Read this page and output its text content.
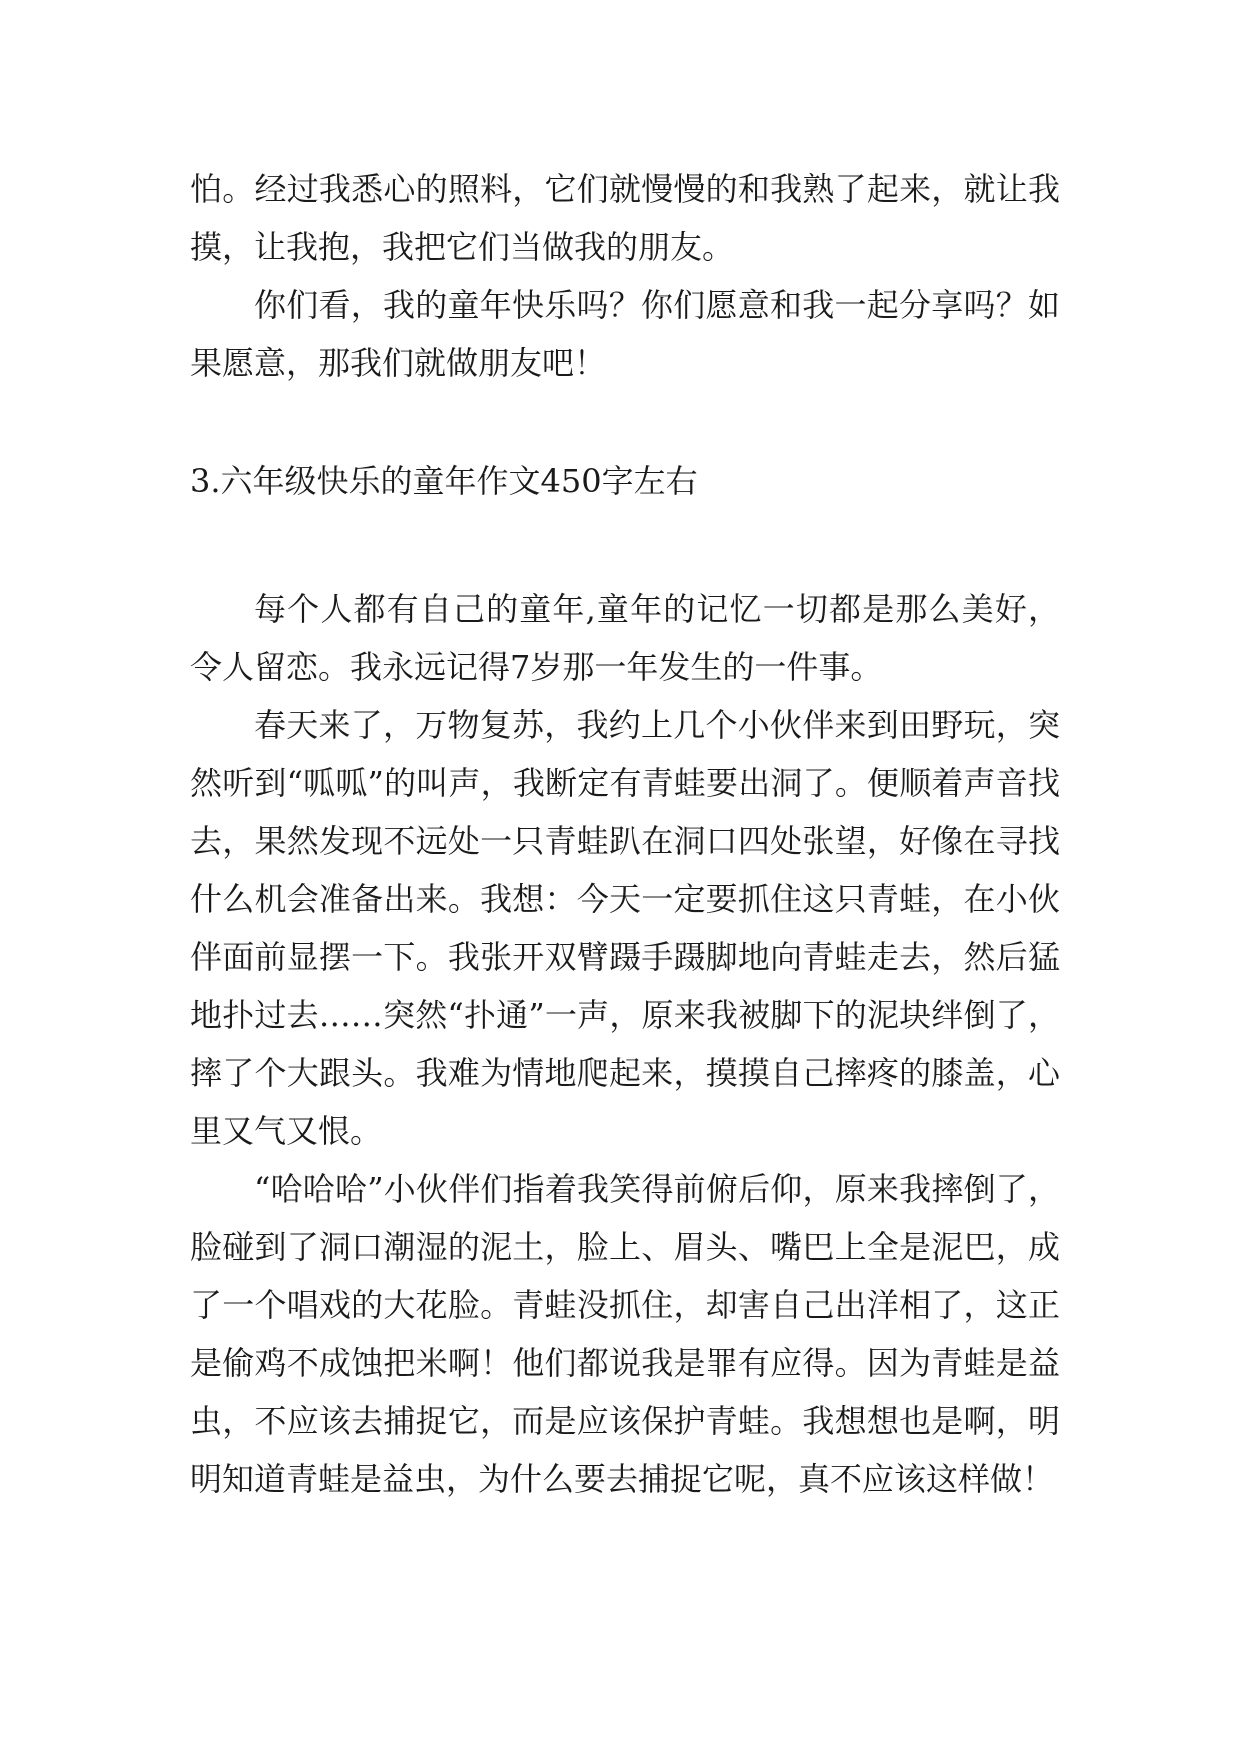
怕。经过我悉心的照料，它们就慢慢的和我熟了起来，就让我摸，让我抱，我把它们当做我的朋友。

你们看，我的童年快乐吗？你们愿意和我一起分享吗？如果愿意，那我们就做朋友吧！

3.六年级快乐的童年作文450字左右

每个人都有自己的童年,童年的记忆一切都是那么美好，令人留恋。我永远记得7岁那一年发生的一件事。

春天来了，万物复苏，我约上几个小伙伴来到田野玩，突然听到“呱呱”的叫声，我断定有青蛙要出洞了。便顺着声音找去，果然发现不远处一只青蛙趴在洞口四处张望，好像在寻找什么机会准备出来。我想：今天一定要抓住这只青蛙，在小伙伴面前显摆一下。我张开双臂蹑手蹑脚地向青蛙走去，然后猛地扑过去……突然“扑通”一声，原来我被脚下的泥块绊倒了，摔了个大跟头。我难为情地爬起来，摸摸自己摔疼的膝盖，心里又气又恨。

“哈哈哈”小伙伴们指着我笑得前俯后仰，原来我摔倒了，脸碰到了洞口潮湿的泥土，脸上、眉头、嘴巴上全是泥巴，成了一个唱戏的大花脸。青蛙没抓住，却害自己出洋相了，这正是偷鸡不成蚀把米啊！他们都说我是罪有应得。因为青蛙是益虫，不应该去捕捉它，而是应该保护青蛙。我想想也是啊，明明知道青蛙是益虫，为什么要去捕捉它呢，真不应该这样做！
